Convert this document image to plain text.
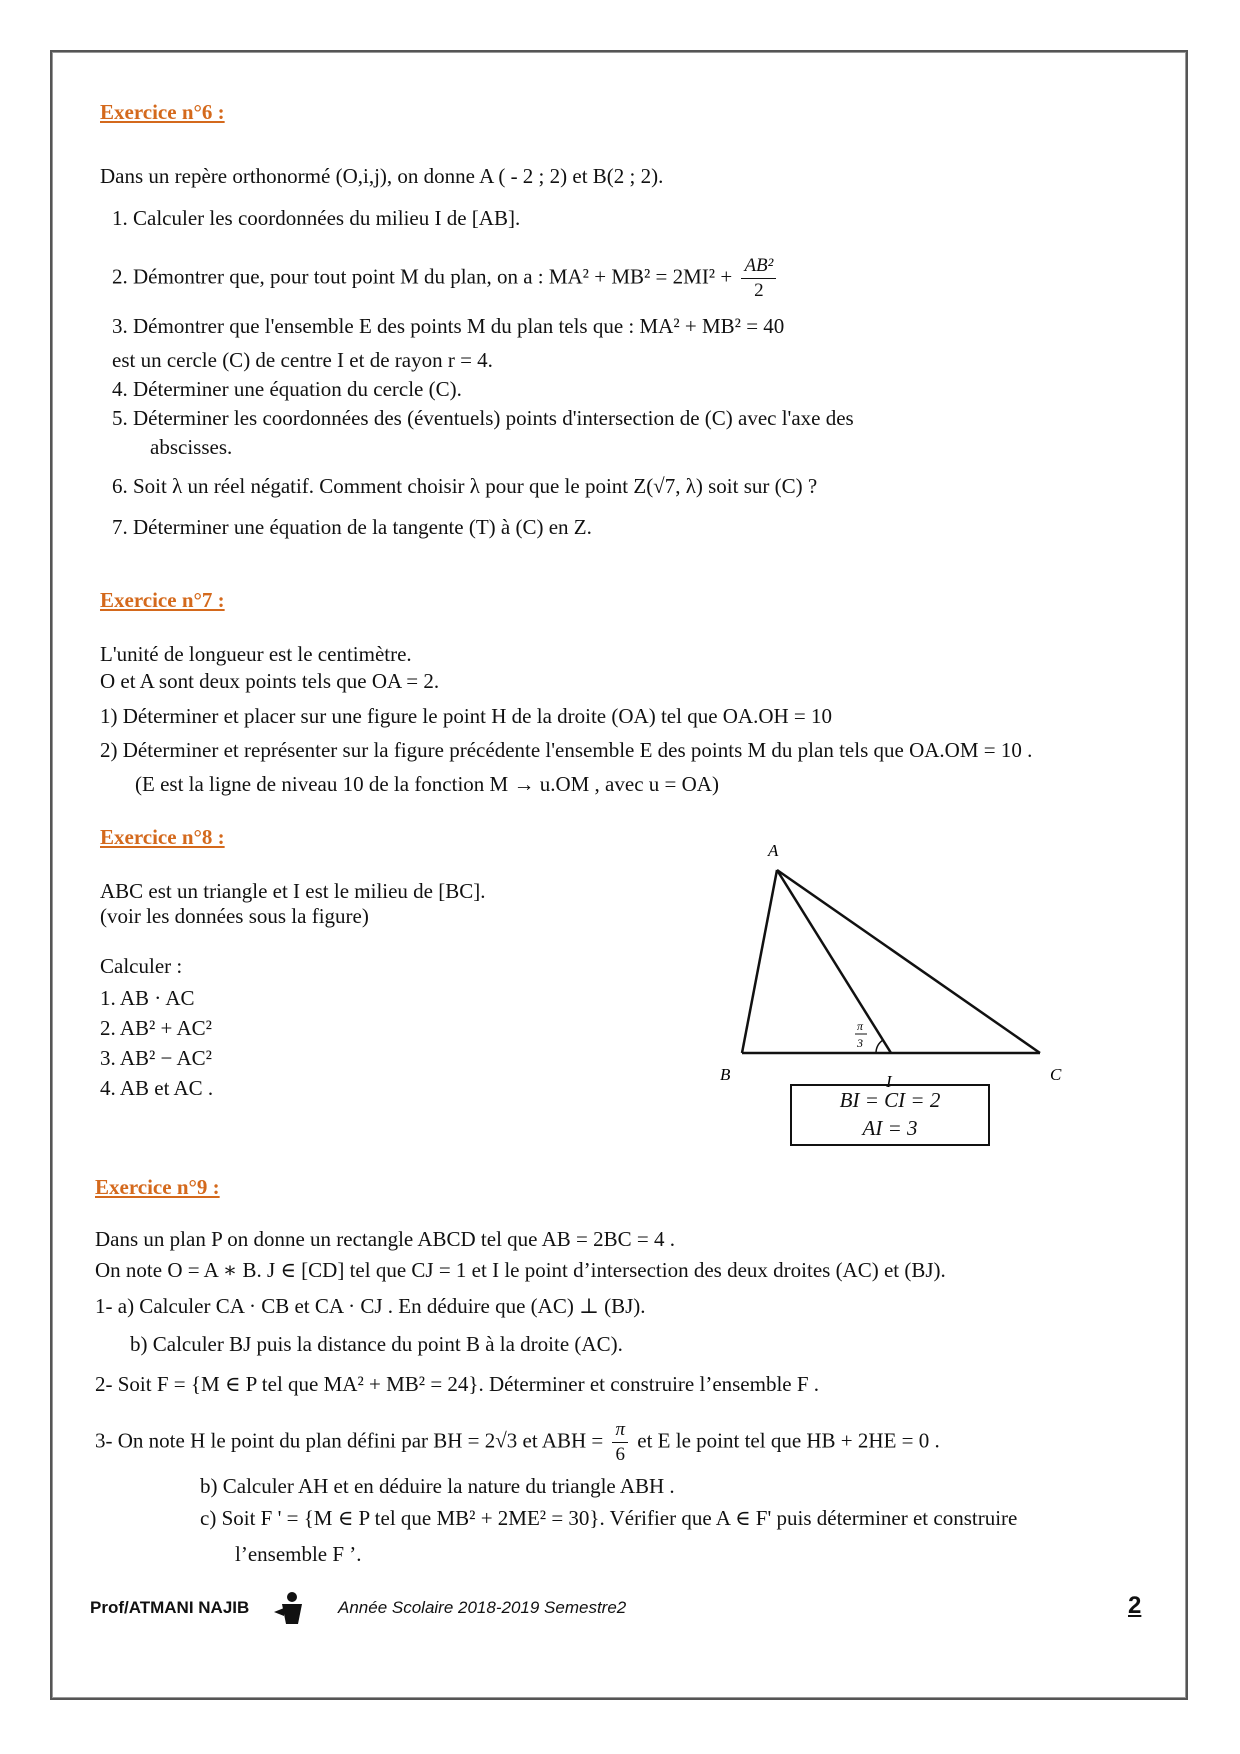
Exercice n°6 :
Dans un repère orthonormé (O,i,j), on donne A ( - 2 ; 2) et B(2 ; 2).
1. Calculer les coordonnées du milieu I de [AB].
2. Démontrer que, pour tout point M du plan, on a : $MA^2 + MB^2 = 2MI^2 + \frac{\text{AB²}}{2}$
3. Démontrer que l'ensemble E des points M du plan tels que : MA² + MB² = 40
est un cercle (C) de centre I et de rayon r = 4.
4. Déterminer une équation du cercle (C).
5. Déterminer les coordonnées des (éventuels) points d'intersection de (C) avec l'axe des
abscisses.
6. Soit λ un réel négatif. Comment choisir λ pour que le point Z(√7, λ) soit sur (C) ?
7. Déterminer une équation de la tangente (T) à (C) en Z.
Exercice n°7 :
L'unité de longueur est le centimètre.
O et A sont deux points tels que OA = 2.
1) Déterminer et placer sur une figure le point H de la droite (OA) tel que OA.OH = 10
2) Déterminer et représenter sur la figure précédente l'ensemble E des points M du plan tels que OA.OM = 10 .
(E est la ligne de niveau 10 de la fonction M → u.OM , avec u = OA)
Exercice n°8 :
ABC est un triangle et I est le milieu de [BC].
(voir les données sous la figure)
Calculer :
1. AB · AC
2. AB² + AC²
3. AB² − AC²
4. AB et AC .
A
B	C
I
π
3
BI = CI = 2
AI = 3
Exercice n°9 :
Dans un plan P on donne un rectangle ABCD tel que AB = 2BC = 4 .
On note O = A ∗ B. J ∈ [CD] tel que CJ = 1 et I le point d’intersection des deux droites (AC) et (BJ).
1- a) Calculer CA · CB et CA · CJ . En déduire que (AC) ⊥ (BJ).
b) Calculer BJ puis la distance du point B à la droite (AC).
2- Soit F = {M ∈ P tel que MA² + MB² = 24}. Déterminer et construire l’ensemble F .
3- On note H le point du plan défini par BH = 2√3 et ABH = $\frac{\pi}{6}$ et E le point tel que HB + 2HE = 0 .
b) Calculer AH et en déduire la nature du triangle ABH .
c) Soit F ' = {M ∈ P tel que MB² + 2ME² = 30}. Vérifier que A ∈ F' puis déterminer et construire
l’ensemble F ’.
Prof/ATMANI NAJIB	Année Scolaire 2018-2019 Semestre2	2
